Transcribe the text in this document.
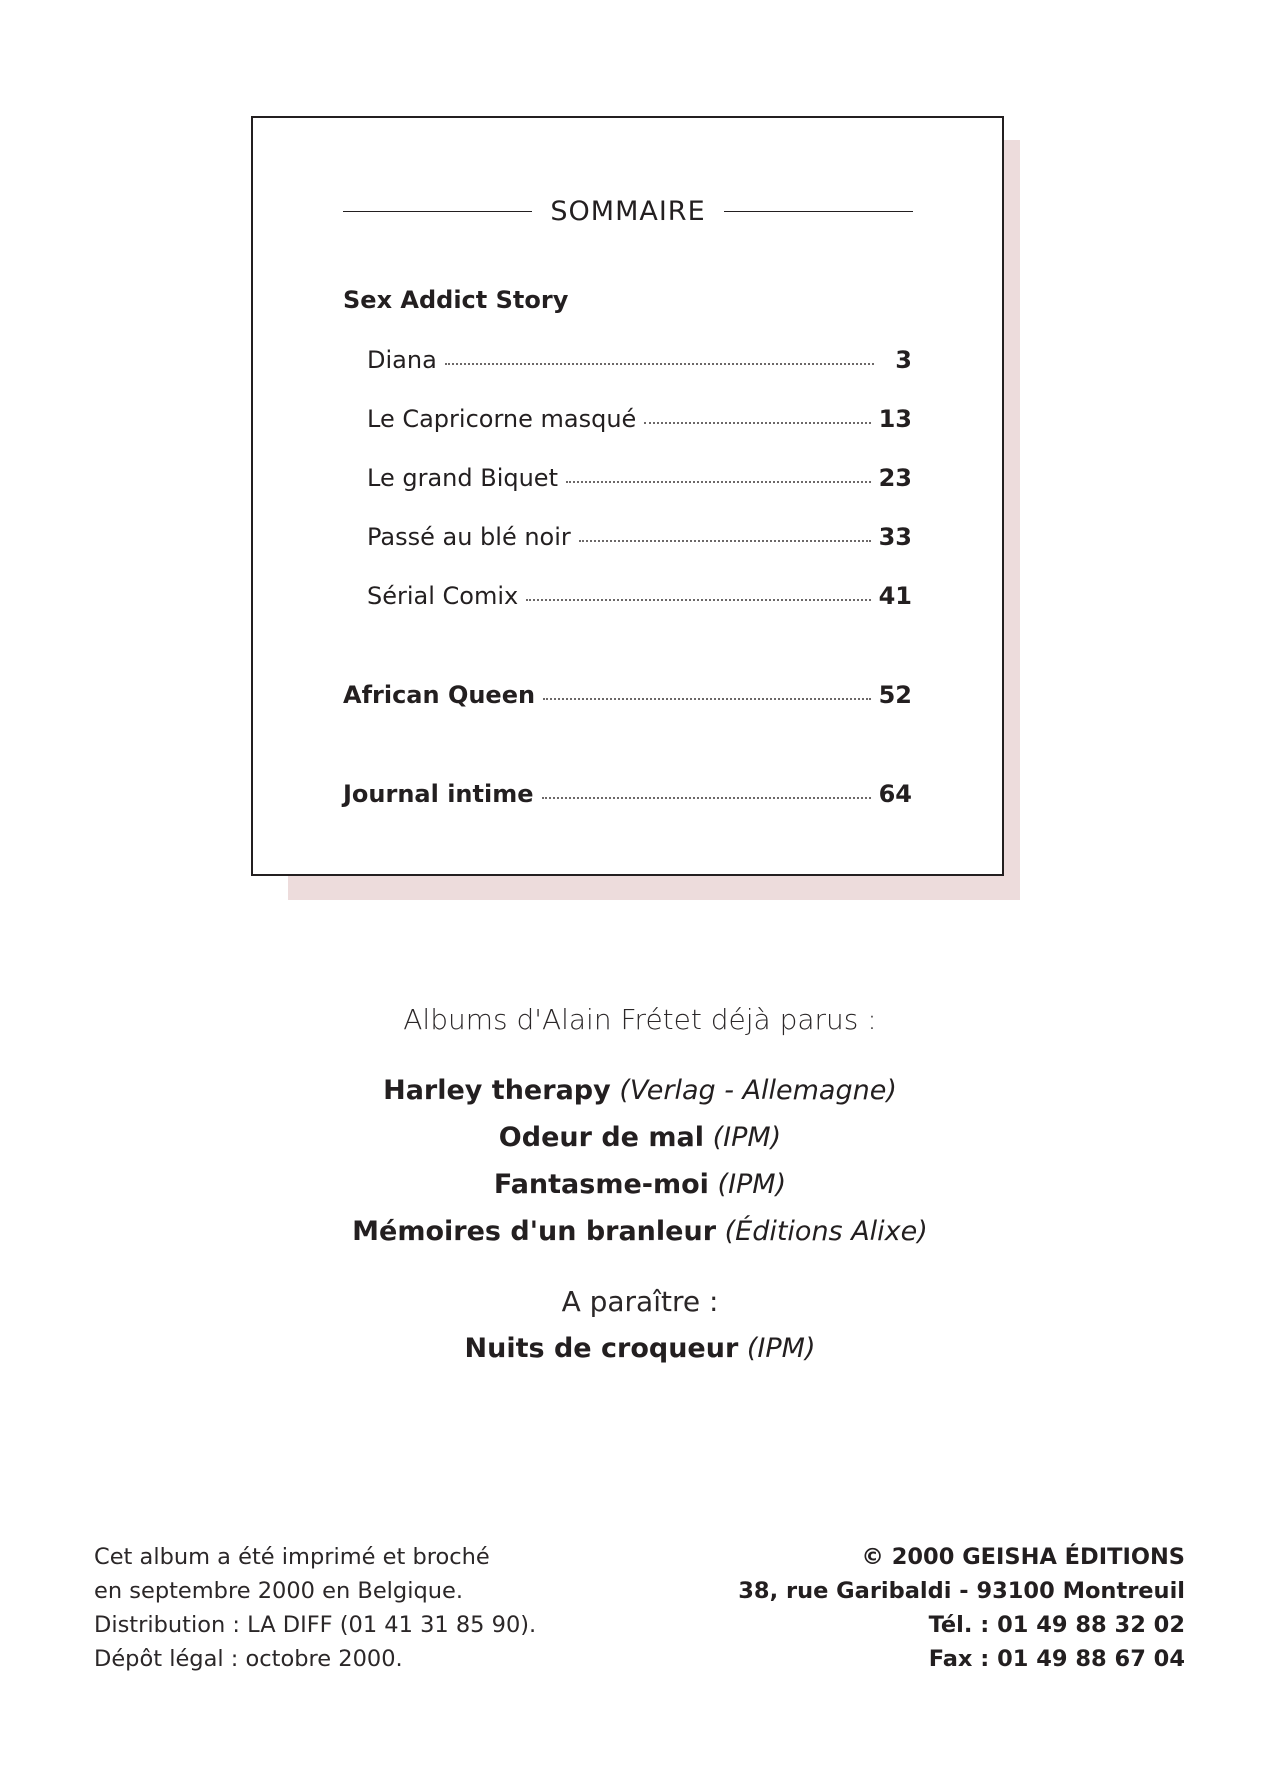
SOMMAIRE
Sex Addict Story
Diana	3
Le Capricorne masqué	13
Le grand Biquet	23
Passé au blé noir	33
Sérial Comix	41
African Queen	52
Journal intime	64
Albums d'Alain Frétet déjà parus :
Harley therapy (Verlag - Allemagne)
Odeur de mal (IPM)
Fantasme-moi (IPM)
Mémoires d'un branleur (Éditions Alixe)
A paraître :
Nuits de croqueur (IPM)
Cet album a été imprimé et broché
en septembre 2000 en Belgique.
Distribution : LA DIFF (01 41 31 85 90).
Dépôt légal : octobre 2000.
© 2000 GEISHA ÉDITIONS
38, rue Garibaldi - 93100 Montreuil
Tél. : 01 49 88 32 02
Fax : 01 49 88 67 04
